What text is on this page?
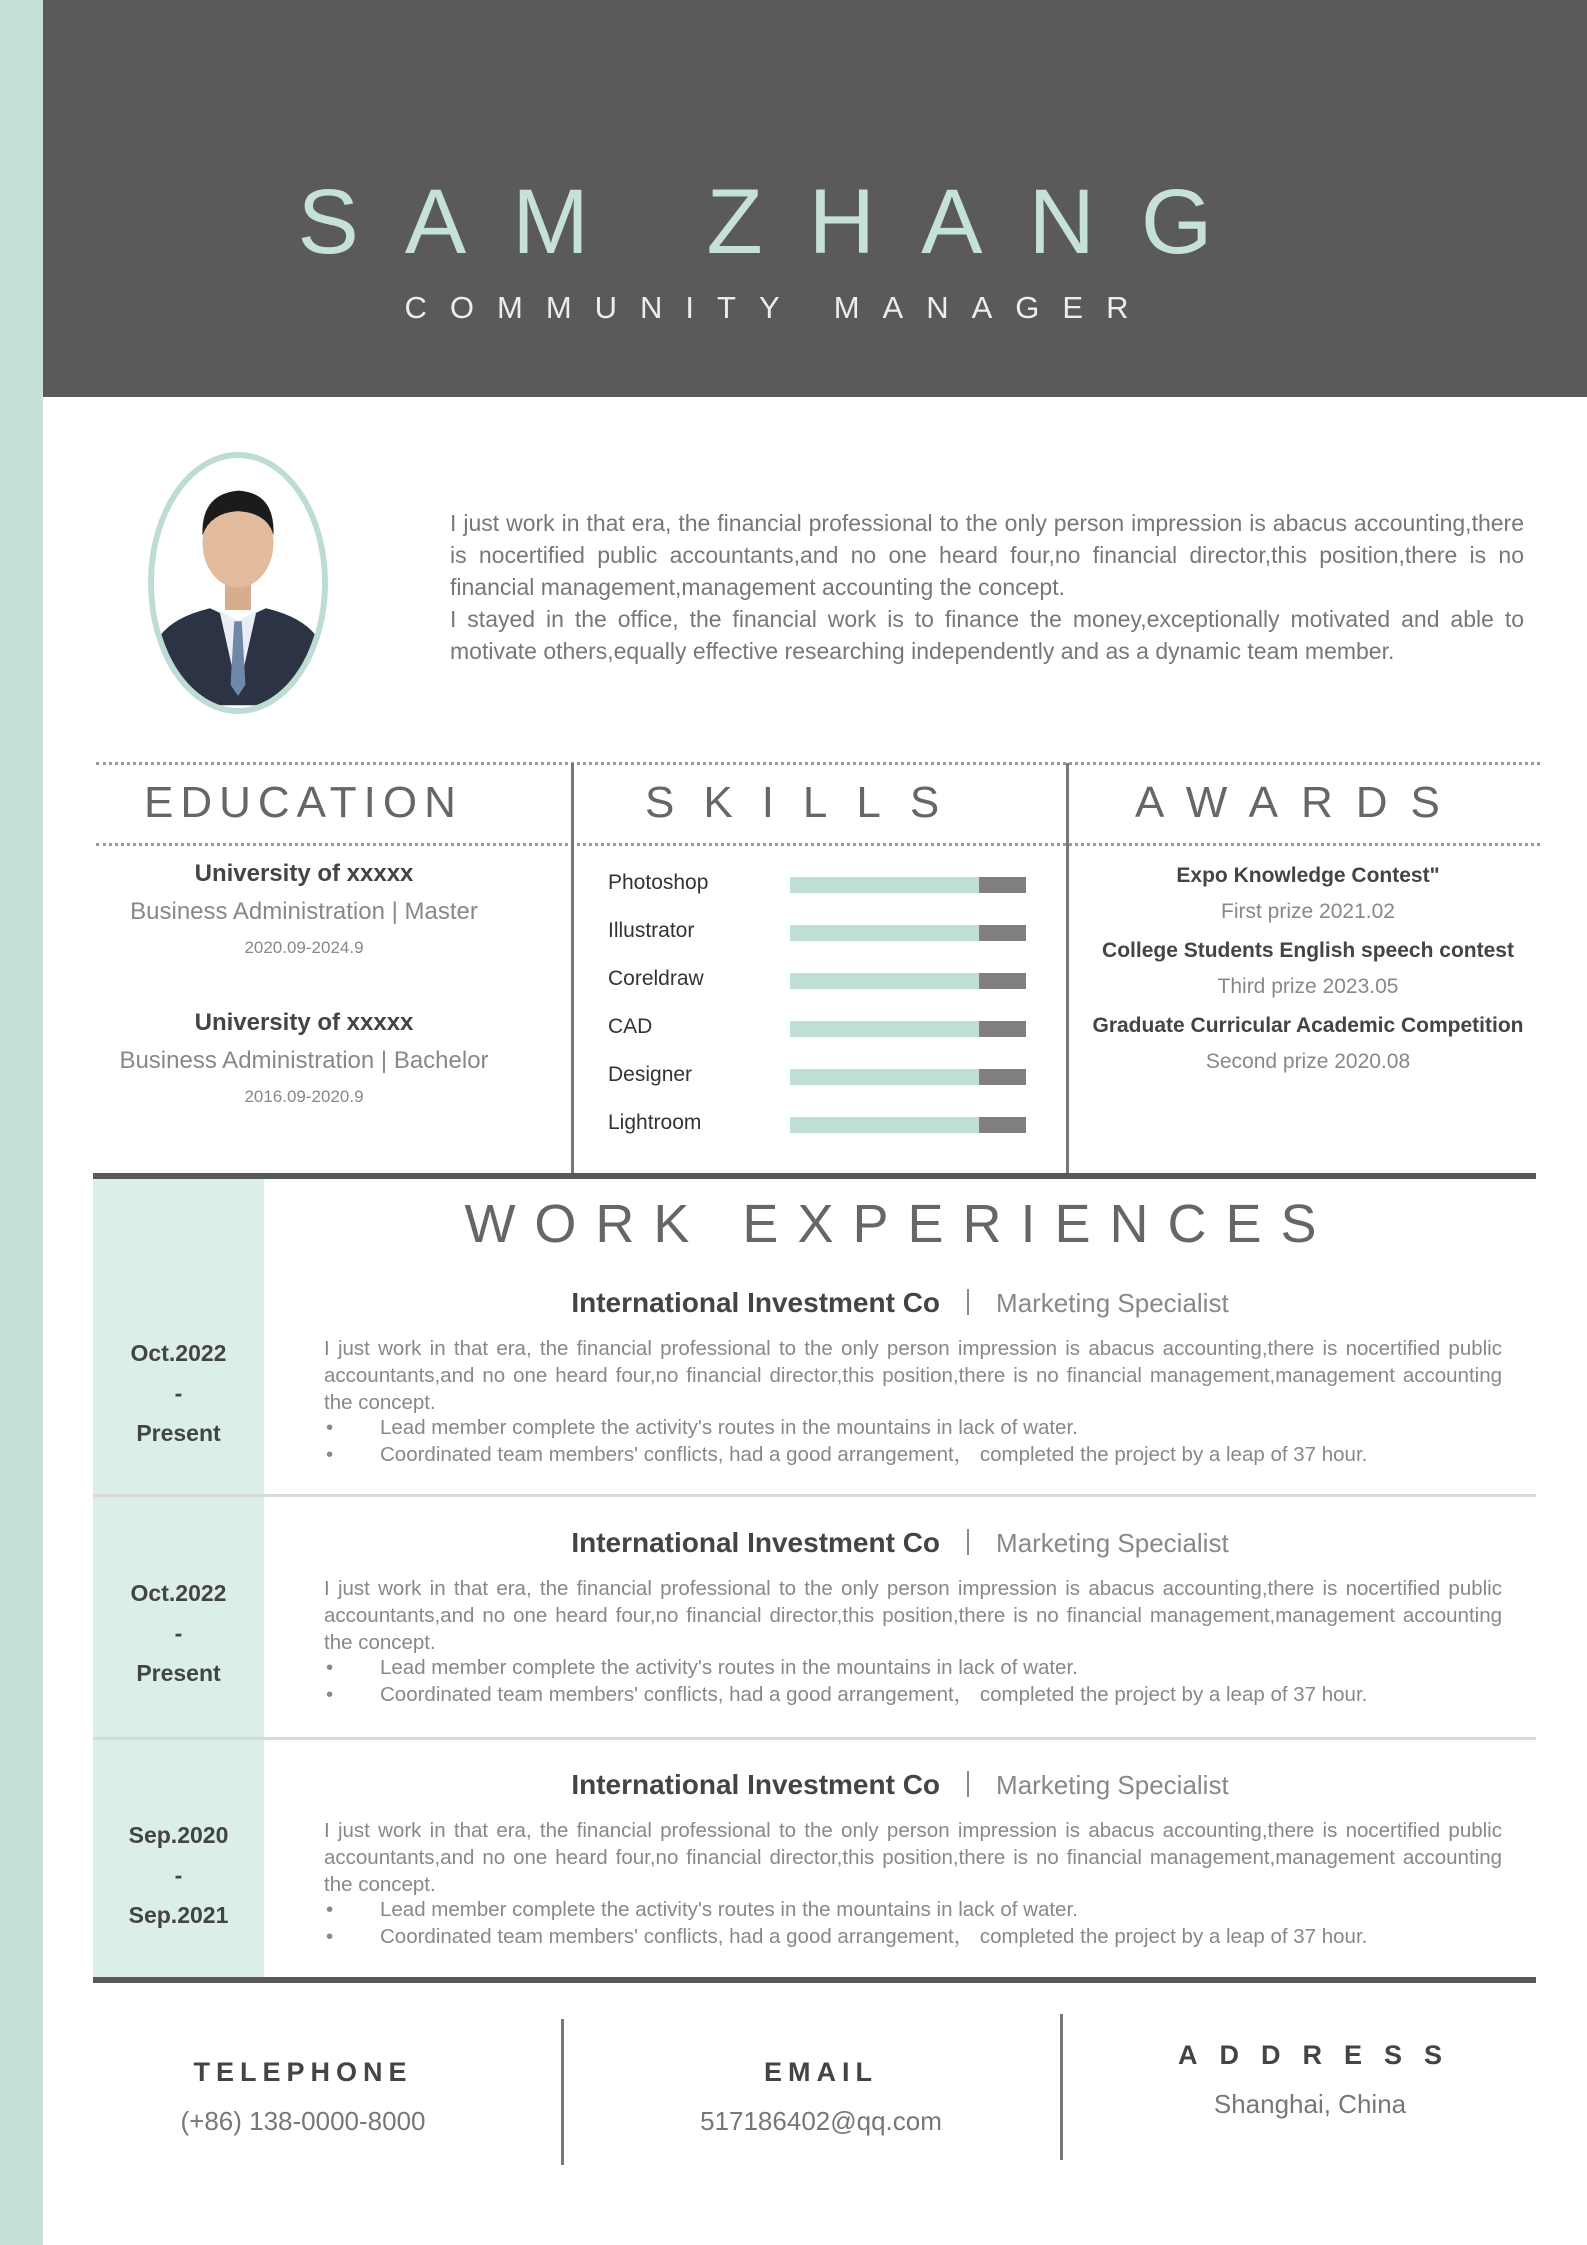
SAM ZHANG
COMMUNITY MANAGER

I just work in that era, the financial professional to the only person impression is abacus accounting,there is nocertified public accountants,and no one heard four,no financial director,this position,there is no financial management,management accounting the concept.

I stayed in the office, the financial work is to finance the money,exceptionally motivated and able to motivate others,equally effective researching independently and as a dynamic team member.

EDUCATION
University of xxxxx
Business Administration | Master
2020.09-2024.9
University of xxxxx
Business Administration | Bachelor
2016.09-2020.9
SKILLS
Photoshop
Illustrator
Coreldraw
CAD
Designer
Lightroom
AWARDS
Expo Knowledge Contest"
First prize 2021.02
College Students English speech contest
Third prize 2023.05
Graduate Curricular Academic Competition
Second prize 2020.08
WORK EXPERIENCES
Oct.2022
-
Present
International Investment Co Marketing Specialist
I just work in that era, the financial professional to the only person impression is abacus accounting,there is nocertified public accountants,and no one heard four,no financial director,this position,there is no financial management,management accounting the concept.
• Lead member complete the activity's routes in the mountains in lack of water.
• Coordinated team members' conflicts, had a good arrangement， completed the project by a leap of 37 hour.
Oct.2022
-
Present
International Investment Co Marketing Specialist
I just work in that era, the financial professional to the only person impression is abacus accounting,there is nocertified public accountants,and no one heard four,no financial director,this position,there is no financial management,management accounting the concept.
• Lead member complete the activity's routes in the mountains in lack of water.
• Coordinated team members' conflicts, had a good arrangement， completed the project by a leap of 37 hour.
Sep.2020
-
Sep.2021
International Investment Co Marketing Specialist
I just work in that era, the financial professional to the only person impression is abacus accounting,there is nocertified public accountants,and no one heard four,no financial director,this position,there is no financial management,management accounting the concept.
• Lead member complete the activity's routes in the mountains in lack of water.
• Coordinated team members' conflicts, had a good arrangement， completed the project by a leap of 37 hour.
TELEPHONE
(+86) 138-0000-8000
EMAIL
517186402@qq.com
ADDRESS
Shanghai, China
